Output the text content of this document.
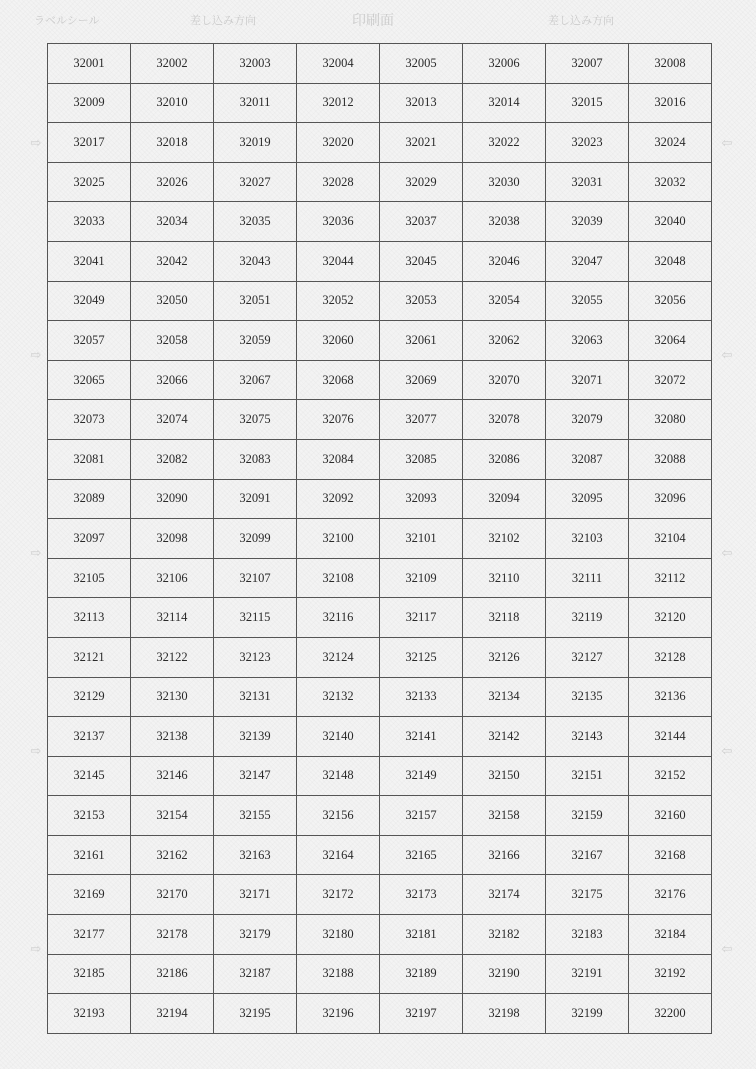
ラベルシール	差し込み方向	印刷面	差し込み方向
⇨
⇨
⇨
⇨
⇨
⇦
⇦
⇦
⇦
⇦
32001	32002	32003	32004	32005	32006	32007	32008
32009	32010	32011	32012	32013	32014	32015	32016
32017	32018	32019	32020	32021	32022	32023	32024
32025	32026	32027	32028	32029	32030	32031	32032
32033	32034	32035	32036	32037	32038	32039	32040
32041	32042	32043	32044	32045	32046	32047	32048
32049	32050	32051	32052	32053	32054	32055	32056
32057	32058	32059	32060	32061	32062	32063	32064
32065	32066	32067	32068	32069	32070	32071	32072
32073	32074	32075	32076	32077	32078	32079	32080
32081	32082	32083	32084	32085	32086	32087	32088
32089	32090	32091	32092	32093	32094	32095	32096
32097	32098	32099	32100	32101	32102	32103	32104
32105	32106	32107	32108	32109	32110	32111	32112
32113	32114	32115	32116	32117	32118	32119	32120
32121	32122	32123	32124	32125	32126	32127	32128
32129	32130	32131	32132	32133	32134	32135	32136
32137	32138	32139	32140	32141	32142	32143	32144
32145	32146	32147	32148	32149	32150	32151	32152
32153	32154	32155	32156	32157	32158	32159	32160
32161	32162	32163	32164	32165	32166	32167	32168
32169	32170	32171	32172	32173	32174	32175	32176
32177	32178	32179	32180	32181	32182	32183	32184
32185	32186	32187	32188	32189	32190	32191	32192
32193	32194	32195	32196	32197	32198	32199	32200
